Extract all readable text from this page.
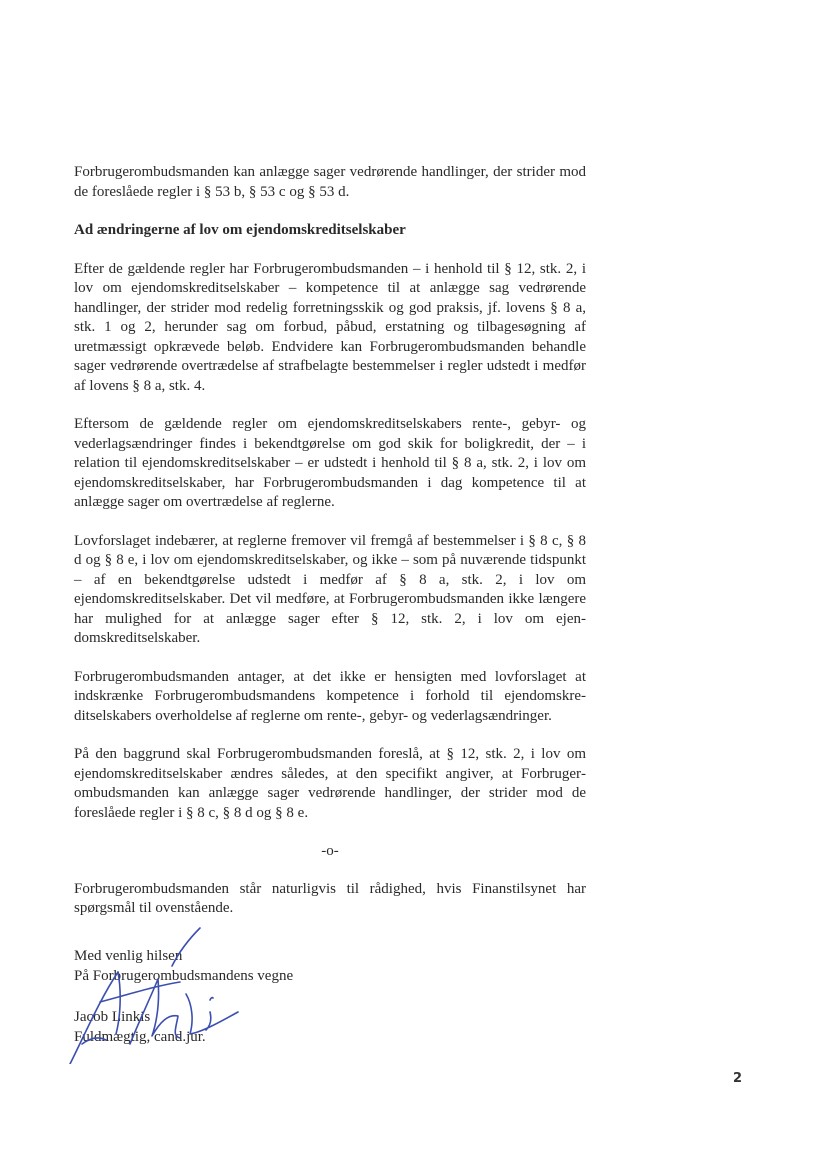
Forbrugerombudsmanden kan anlægge sager vedrørende handlinger, der strider mod de foreslåede regler i § 53 b, § 53 c og § 53 d.

Ad ændringerne af lov om ejendomskreditselskaber

Efter de gældende regler har Forbrugerombudsmanden – i henhold til § 12, stk. 2, i lov om ejendomskreditselskaber – kompetence til at anlægge sag vedrørende handlinger, der strider mod redelig forretningsskik og god praksis, jf. lovens § 8 a, stk. 1 og 2, herunder sag om forbud, påbud, erstatning og tilbagesøgning af uretmæssigt opkrævede beløb. Endvidere kan Forbrugerombudsmanden behandle sager vedrørende overtrædelse af strafbelagte bestemmelser i regler udstedt i medfør af lovens § 8 a, stk. 4.

Eftersom de gældende regler om ejendomskreditselskabers rente-, gebyr- og vederlagsændringer findes i bekendtgørelse om god skik for boligkredit, der – i relation til ejendomskreditselskaber – er udstedt i henhold til § 8 a, stk. 2, i lov om ejendomskreditselskaber, har Forbrugerombudsmanden i dag kompetence til at anlægge sager om overtrædelse af reglerne.

Lovforslaget indebærer, at reglerne fremover vil fremgå af bestemmelser i § 8 c, § 8 d og § 8 e, i lov om ejendomskreditselskaber, og ikke – som på nuværende tidspunkt – af en bekendtgørelse udstedt i medfør af § 8 a, stk. 2, i lov om ejendomskreditselskaber. Det vil medføre, at Forbrugerombudsmanden ikke længere har mulighed for at anlægge sager efter § 12, stk. 2, i lov om ejendomskreditselskaber.

Forbrugerombudsmanden antager, at det ikke er hensigten med lovforslaget at indskrænke Forbrugerombudsmandens kompetence i forhold til ejendomskreditselskabers overholdelse af reglerne om rente-, gebyr- og vederlagsændringer.

På den baggrund skal Forbrugerombudsmanden foreslå, at § 12, stk. 2, i lov om ejendomskreditselskaber ændres således, at den specifikt angiver, at Forbrugerombudsmanden kan anlægge sager vedrørende handlinger, der strider mod de foreslåede regler i § 8 c, § 8 d og § 8 e.

-o-

Forbrugerombudsmanden står naturligvis til rådighed, hvis Finanstilsynet har spørgsmål til ovenstående.

Med venlig hilsen
På Forbrugerombudsmandens vegne
Jacob Linkis
Fuldmægtig, cand.jur.
2
